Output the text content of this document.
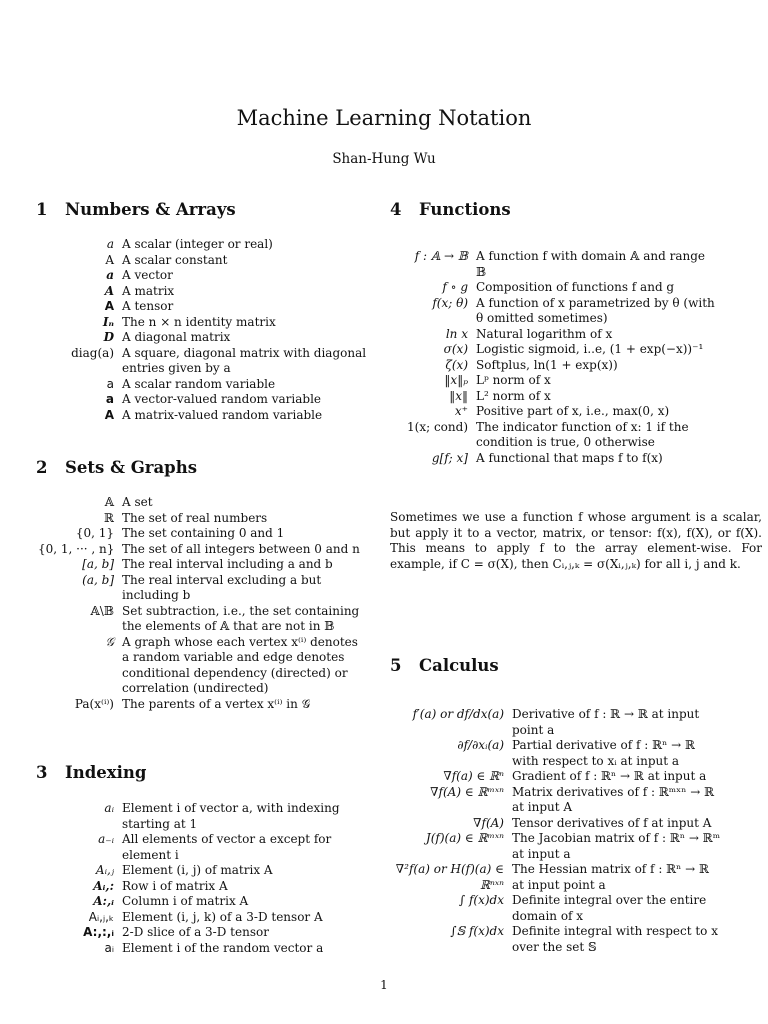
Machine Learning Notation
Shan-Hung Wu
1 Numbers & Arrays
a A scalar (integer or real)
A A scalar constant
a A vector
A A matrix
A A tensor
Iₙ The n × n identity matrix
D A diagonal matrix
diag(a) A square, diagonal matrix with diagonal entries given by a
a A scalar random variable
a A vector-valued random variable
A A matrix-valued random variable
2 Sets & Graphs
𝔸 A set
ℝ The set of real numbers
{0, 1} The set containing 0 and 1
{0, 1, ··· , n} The set of all integers between 0 and n
[a, b] The real interval including a and b
(a, b] The real interval excluding a but including b
𝔸\𝔹 Set subtraction, i.e., the set containing the elements of 𝔸 that are not in 𝔹
𝒢 A graph whose each vertex x⁽ⁱ⁾ denotes a random variable and edge denotes conditional dependency (directed) or correlation (undirected)
Pa(x⁽ⁱ⁾) The parents of a vertex x⁽ⁱ⁾ in 𝒢
3 Indexing
aᵢ Element i of vector a, with indexing starting at 1
a₋ᵢ All elements of vector a except for element i
Aᵢ,ⱼ Element (i, j) of matrix A
Aᵢ,: Row i of matrix A
A:,ᵢ Column i of matrix A
Aᵢ,ⱼ,ₖ Element (i, j, k) of a 3-D tensor A
A:,:,ᵢ 2-D slice of a 3-D tensor
aᵢ Element i of the random vector a
4 Functions
f : 𝔸 → 𝔹 A function f with domain 𝔸 and range 𝔹
f ∘ g Composition of functions f and g
f(x; θ) A function of x parametrized by θ (with θ omitted sometimes)
ln x Natural logarithm of x
σ(x) Logistic sigmoid, i..e, (1 + exp(−x))⁻¹
ζ(x) Softplus, ln(1 + exp(x))
‖x‖ₚ Lᵖ norm of x
‖x‖ L² norm of x
x⁺ Positive part of x, i.e., max(0, x)
1(x; cond) The indicator function of x: 1 if the condition is true, 0 otherwise
g[f; x] A functional that maps f to f(x)
Sometimes we use a function f whose argument is a scalar, but apply it to a vector, matrix, or tensor: f(x), f(X), or f(X). This means to apply f to the array element-wise. For example, if C = σ(X), then Cᵢ,ⱼ,ₖ = σ(Xᵢ,ⱼ,ₖ) for all i, j and k.
5 Calculus
f′(a) or df/dx(a) Derivative of f : ℝ → ℝ at input point a
∂f/∂xᵢ(a) Partial derivative of f : ℝⁿ → ℝ with respect to xᵢ at input a
∇f(a) ∈ ℝⁿ Gradient of f : ℝⁿ → ℝ at input a
∇f(A) ∈ ℝᵐˣⁿ Matrix derivatives of f : ℝᵐˣⁿ → ℝ at input A
∇f(A) Tensor derivatives of f at input A
J(f)(a) ∈ ℝᵐˣⁿ The Jacobian matrix of f : ℝⁿ → ℝᵐ at input a
∇²f(a) or H(f)(a) ∈ ℝⁿˣⁿ
The Hessian matrix of f : ℝⁿ → ℝ at input point a
∫ f(x)dx Definite integral over the entire domain of x
∫𝕊 f(x)dx Definite integral with respect to x over the set 𝕊
1
